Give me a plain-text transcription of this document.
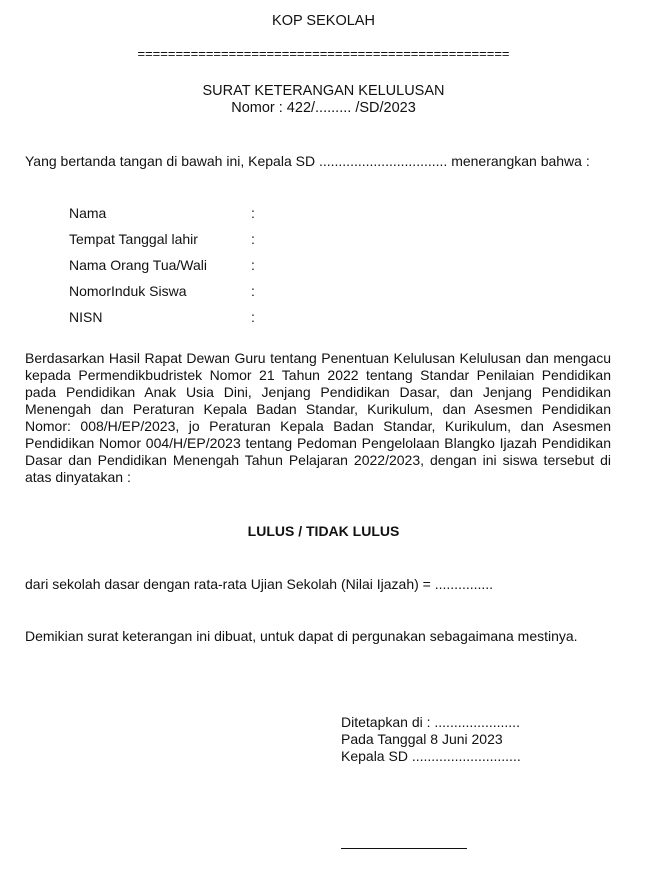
KOP SEKOLAH

=================================================

SURAT KETERANGAN KELULUSAN

Nomor : 422/......... /SD/2023

Yang bertanda tangan di bawah ini, Kepala SD ................................. menerangkan bahwa :

Nama	:
Tempat Tanggal lahir	:
Nama Orang Tua/Wali	:
NomorInduk Siswa	:
NISN	:

Berdasarkan Hasil Rapat Dewan Guru tentang Penentuan Kelulusan Kelulusan dan mengacu kepada Permendikbudristek Nomor 21 Tahun 2022 tentang Standar Penilaian Pendidikan pada Pendidikan Anak Usia Dini, Jenjang Pendidikan Dasar, dan Jenjang Pendidikan Menengah dan Peraturan Kepala Badan Standar, Kurikulum, dan Asesmen Pendidikan Nomor: 008/H/EP/2023, jo Peraturan Kepala Badan Standar, Kurikulum, dan Asesmen Pendidikan Nomor 004/H/EP/2023 tentang Pedoman Pengelolaan Blangko Ijazah Pendidikan Dasar dan Pendidikan Menengah Tahun Pelajaran 2022/2023, dengan ini siswa tersebut di atas dinyatakan :

LULUS / TIDAK LULUS

dari sekolah dasar dengan rata-rata Ujian Sekolah (Nilai Ijazah) = ...............

Demikian surat keterangan ini dibuat, untuk dapat di pergunakan sebagaimana mestinya.

Ditetapkan di : ......................
Pada Tanggal 8 Juni 2023
Kepala SD ............................
